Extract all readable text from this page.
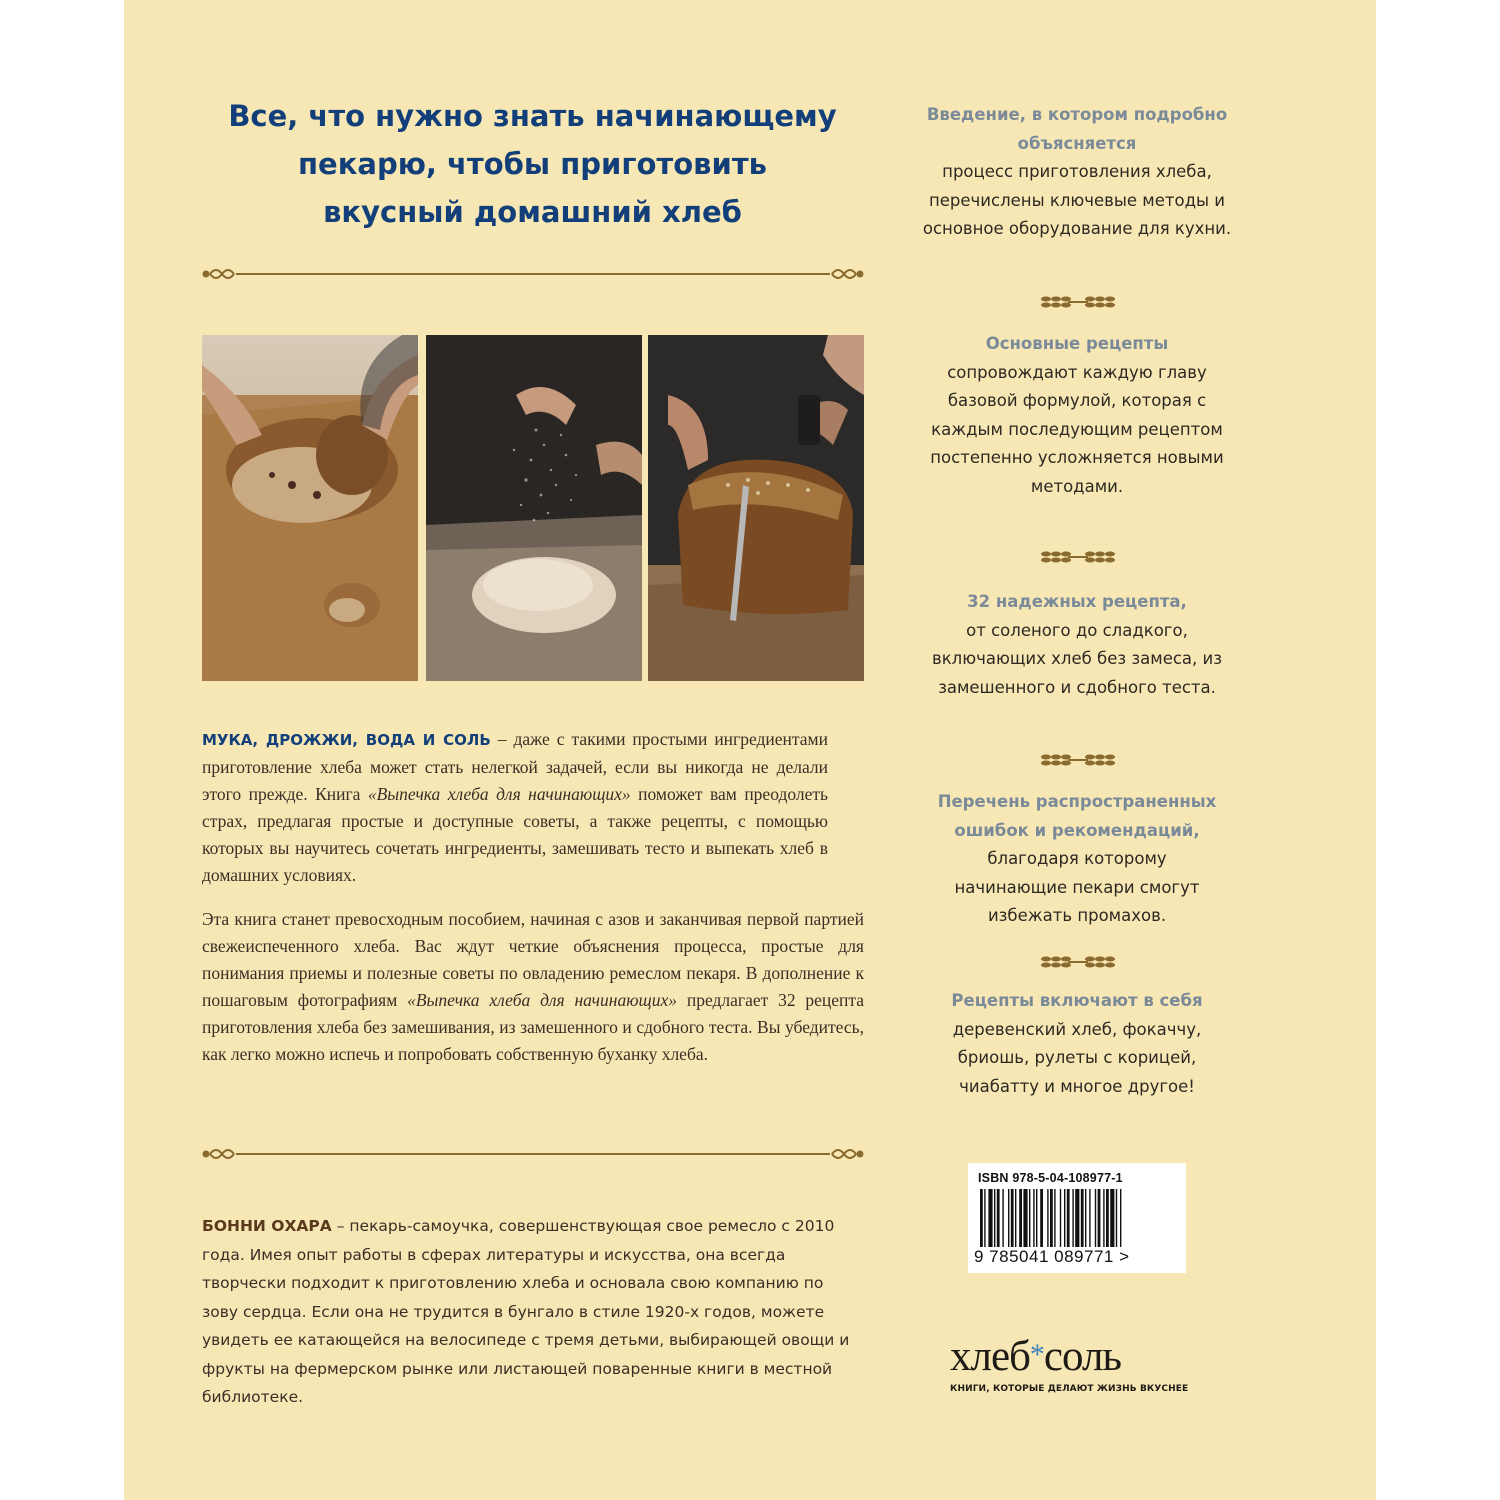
Все, что нужно знать начинающему
пекарю, чтобы приготовить
вкусный домашний хлеб

МУКА, ДРОЖЖИ, ВОДА И СОЛЬ – даже с такими простыми ингредиентами приготовление хлеба может стать нелегкой задачей, если вы никогда не делали этого прежде. Книга «Выпечка хлеба для начинающих» поможет вам преодолеть страх, предлагая простые и доступные советы, а также рецепты, с помощью которых вы научитесь сочетать ингредиенты, замешивать тесто и выпекать хлеб в домашних условиях.

Эта книга станет превосходным пособием, начиная с азов и заканчивая первой партией свежеиспеченного хлеба. Вас ждут четкие объяснения процесса, простые для понимания приемы и полезные советы по овладению ремеслом пекаря. В дополнение к пошаговым фотографиям «Выпечка хлеба для начинающих» предлагает 32 рецепта приготовления хлеба без замешивания, из замешенного и сдобного теста. Вы убедитесь, как легко можно испечь и попробовать собственную буханку хлеба.

БОННИ ОХАРА – пекарь-самоучка, совершенствующая свое ремесло с 2010 года. Имея опыт работы в сферах литературы и искусства, она всегда творчески подходит к приготовлению хлеба и основала свою компанию по зову сердца. Если она не трудится в бунгало в стиле 1920-х годов, можете увидеть ее катающейся на велосипеде с тремя детьми, выбирающей овощи и фрукты на фермерском рынке или листающей поваренные книги в местной библиотеке.

Введение, в котором подробно объясняется
процесс приготовления хлеба, перечислены ключевые методы и основное оборудование для кухни.

Основные рецепты
сопровождают каждую главу базовой формулой, которая с каждым последующим рецептом постепенно усложняется новыми методами.

32 надежных рецепта,
от соленого до сладкого, включающих хлеб без замеса, из замешенного и сдобного теста.

Перечень распространенных ошибок и рекомендаций,
благодаря которому начинающие пекари смогут избежать промахов.

Рецепты включают в себя
деревенский хлеб, фокаччу, бриошь, рулеты с корицей, чиабатту и многое другое!

ISBN 978-5-04-108977-1
9 785041 089771 >
хлеб*соль
КНИГИ, КОТОРЫЕ ДЕЛАЮТ ЖИЗНЬ ВКУСНЕЕ
